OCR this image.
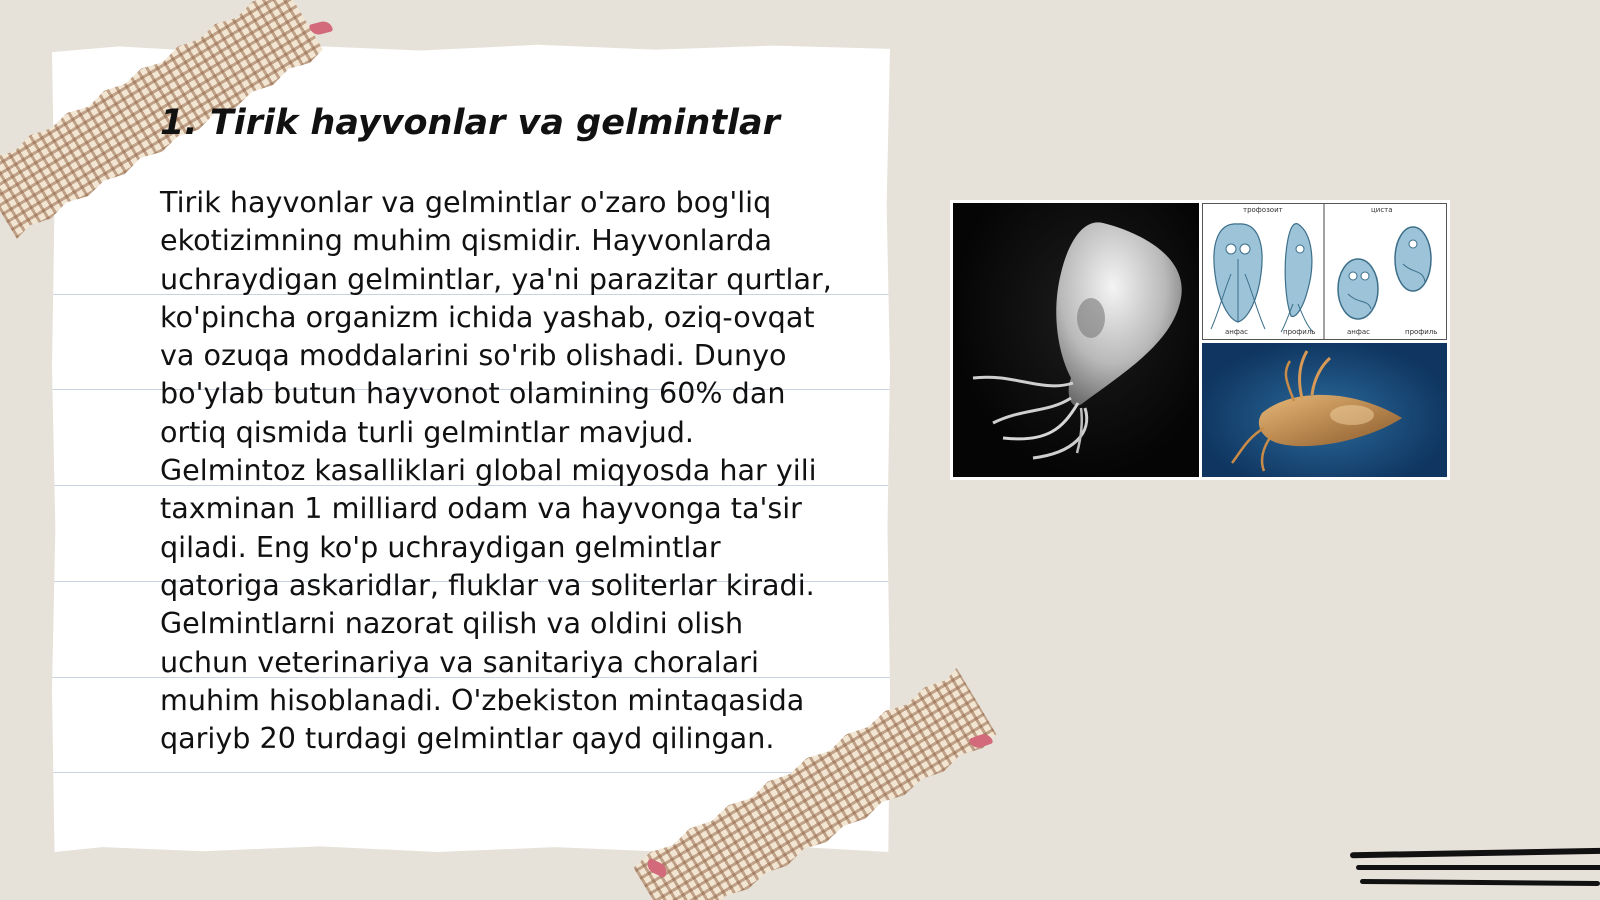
1. Tirik hayvonlar va gelmintlar

Tirik hayvonlar va gelmintlar o'zaro bog'liq ekotizimning muhim qismidir. Hayvonlarda uchraydigan gelmintlar, ya'ni parazitar qurtlar, ko'pincha organizm ichida yashab, oziq-ovqat va ozuqa moddalarini so'rib olishadi. Dunyo bo'ylab butun hayvonot olamining 60% dan ortiq qismida turli gelmintlar mavjud. Gelmintoz kasalliklari global miqyosda har yili taxminan 1 milliard odam va hayvonga ta'sir qiladi. Eng ko'p uchraydigan gelmintlar qatoriga askaridlar, fluklar va soliterlar kiradi. Gelmintlarni nazorat qilish va oldini olish uchun veterinariya va sanitariya choralari muhim hisoblanadi. O'zbekiston mintaqasida qariyb 20 turdagi gelmintlar qayd qilingan.

трофозоит	циста
анфас	профиль	анфас	профиль
